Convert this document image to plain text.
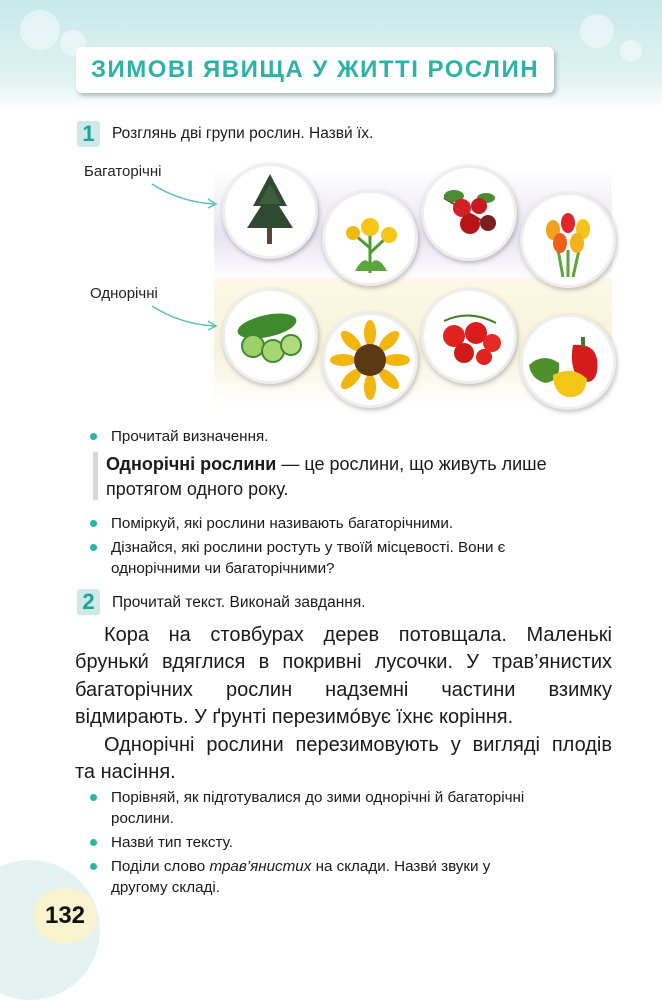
ЗИМОВІ ЯВИЩА У ЖИТТІ РОСЛИН
1	Розглянь дві групи рослин. Назви́ їх.
Багаторічні
Однорічні
Прочитай визначення.
Однорічні рослини — це рослини, що живуть лише
протягом одного року.
Поміркуй, які рослини називають багаторічними.
Дізнайся, які рослини ростуть у твоїй місцевості. Вони є
однорічними чи багаторічними?
2	Прочитай текст. Виконай завдання.
Кора на стовбурах дерев потовщала. Маленькі
бруньки́ вдяглися в покривні лусочки. У трав’янистих
багаторічних рослин надземні частини взимку
відмирають. У ґрунті перезимо́вує їхнє коріння.
Однорічні рослини перезимовують у вигляді плодів
та насіння.
Порівняй, як підготувалися до зими однорічні й багаторічні
рослини.
Назви́ тип тексту.
Поділи слово трав’янистих на склади. Назви́ звуки у
другому складі.
132
